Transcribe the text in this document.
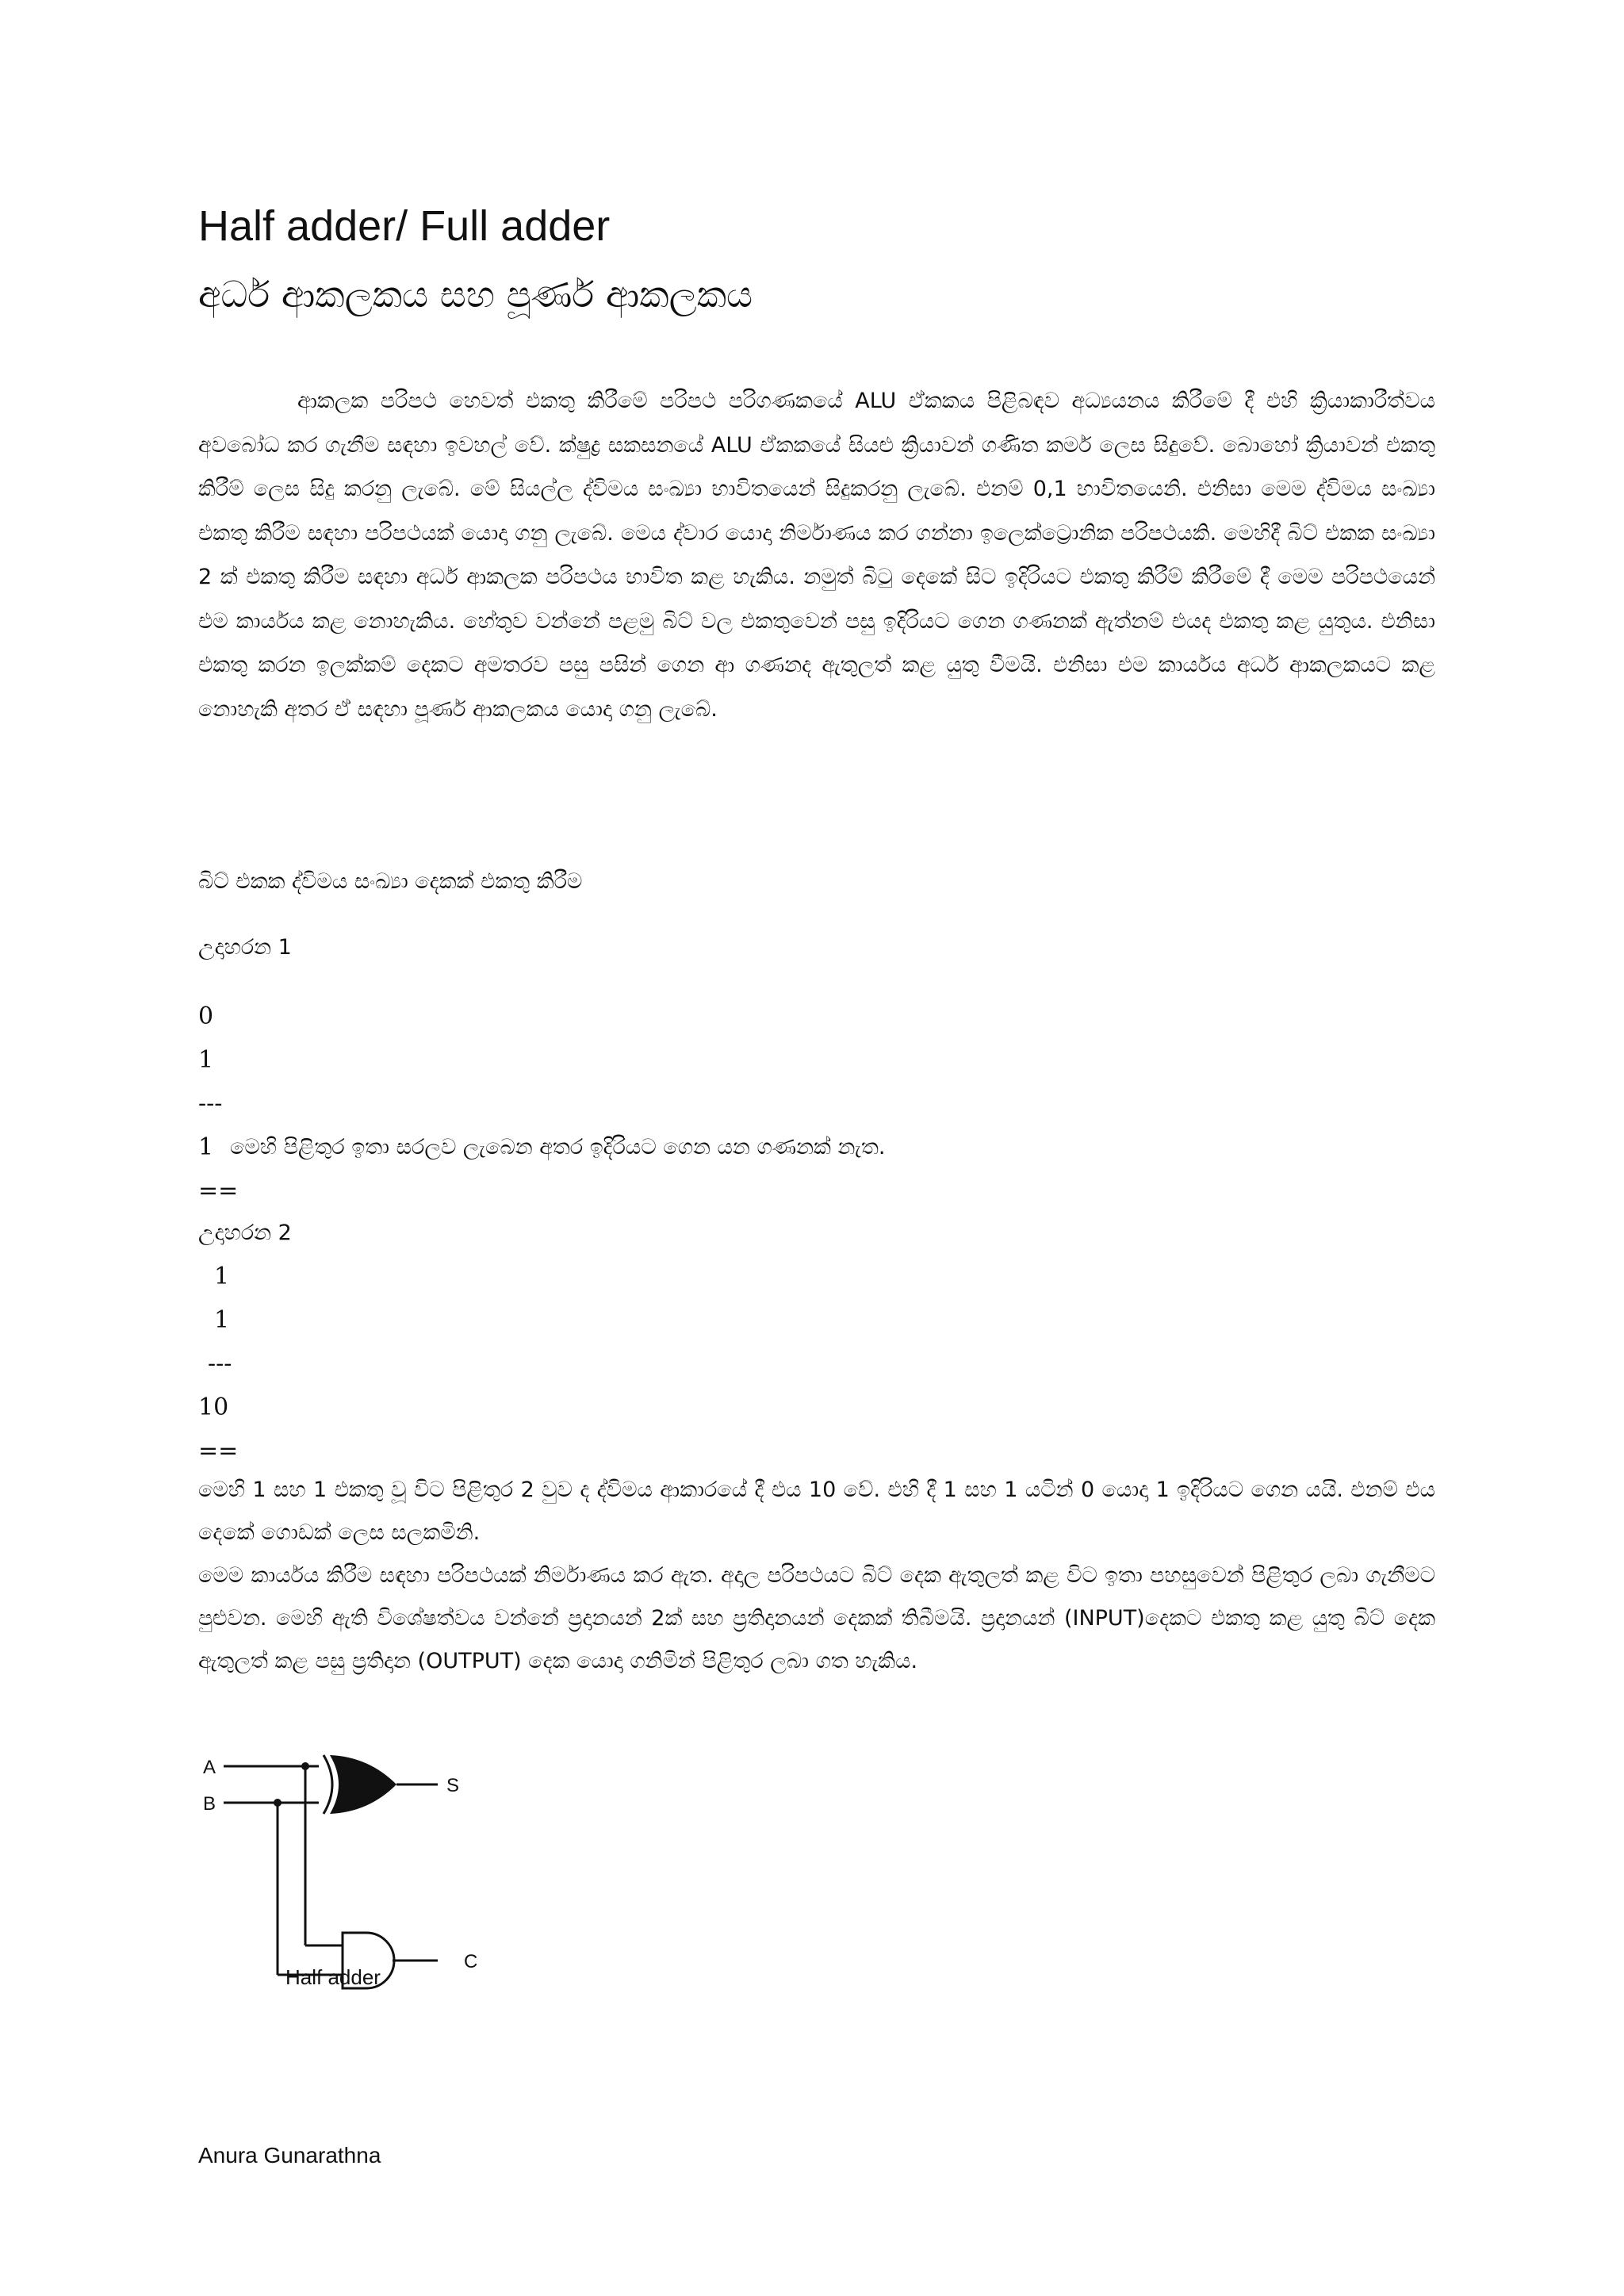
Half adder/ Full adder
අර්ධ ආකලකය සහ පූර්ණ ආකලකය

ආකලක පරිපථ හෙවත් එකතු කිරීමේ පරිපථ පරිගණකයේ ALU ඒකකය පිළිබඳව අධ්‍යයනය කිරීමේ දී එහි ක්‍රියාකාරීත්වය අවබෝධ කර ගැනීම සඳහා ඉවහල් වේ. ක්ෂුද්‍ර සකසනයේ ALU ඒකකයේ සියළු ක්‍රියාවන් ගණිත කර්ම ලෙස සිදුවේ. බොහෝ ක්‍රියාවන් එකතු කිරීම් ලෙස සිදු කරනු ලැබේ. මේ සියල්ල ද්විමය සංඛ්‍යා භාවිතයෙන් සිදුකරනු ලැබේ. එනම් 0,1 භාවිතයෙනි. එනිසා මෙම ද්විමය සංඛ්‍යා එකතු කිරීම සඳහා පරිපථයක් යොදා ගනු ලැබේ. මෙය ද්වාර යොදා නිර්මාණය කර ගන්නා ඉලෙක්ට්‍රොනික පරිපථයකි. මෙහිදී බිට් එකක සංඛ්‍යා 2 ක් එකතු කිරීම සඳහා අර්ධ ආකලක පරිපථය භාවිත කළ හැකිය. නමුත් බිටු දෙකේ සිට ඉදිරියට එකතු කිරීම් කිරීමේ දී මෙම පරිපථයෙන් එම කාර්යය කළ නොහැකිය. හේතුව වන්නේ පළමු බිට් වල එකතුවෙන් පසු ඉදිරියට ගෙන ගණනක් ඇත්නම් එයද එකතු කළ යුතුය. එනිසා එකතු කරන ඉලක්කම් දෙකට අමතරව පසු පසින් ගෙන ආ ගණනද ඇතුලත් කළ යුතු වීමයි. එනිසා එම කාර්යය අර්ධ ආකලකයට කළ නොහැකි අතර ඒ සඳහා පූර්ණ ආකලකය යොදා ගනු ලැබේ.

බිට් එකක ද්විමය සංඛ්‍යා දෙකක් එකතු කිරීම
උදාහරන 1
0
1
---
1 මෙහි පිළිතුර ඉතා සරලව ලැබෙන අතර ඉදිරියට ගෙන යන ගණනක් නැත.
==
උදාහරන 2
1
1
---
10
==

මෙහි 1 සහ 1 එකතු වූ විට පිළිතුර 2 වුව ද ද්විමය ආකාරයේ දී එය 10 වේ. එහි දී 1 සහ 1 යටින් 0 යොදා 1 ඉදිරියට ගෙන යයි. එනම් එය දෙකේ ගොඩක් ලෙස සලකමිනි.

මෙම කාර්යය කිරීම සඳහා පරිපථයක් නිර්මාණය කර ඇත. අදාල පරිපථයට බිට් දෙක ඇතුලත් කළ විට ඉතා පහසුවෙන් පිළිතුර ලබා ගැනීමට පුළුවන. මෙහි ඇති විශේෂත්වය වන්නේ ප්‍රදානයන් 2ක් සහ ප්‍රතිදානයන් දෙකක් තිබීමයි. ප්‍රදානයන් (INPUT)දෙකට එකතු කළ යුතු බිට් දෙක ඇතුලත් කළ පසු ප්‍රතිදාන (OUTPUT) දෙක යොදා ගනිමින් පිළිතුර ලබා ගත හැකිය.

A
B
S
C
Half adder
Anura Gunarathna
